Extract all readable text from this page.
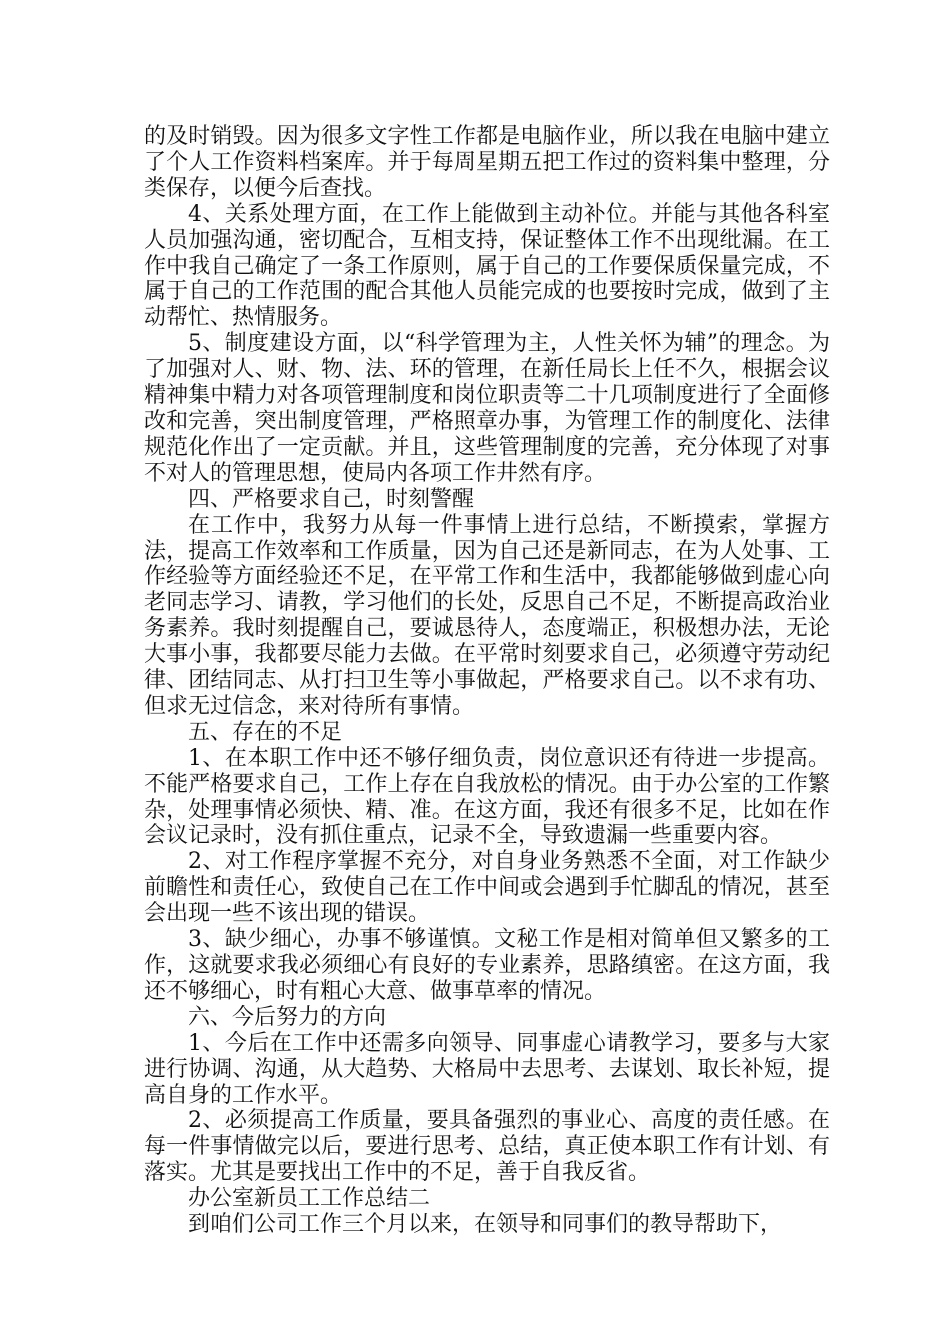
的及时销毁。因为很多文字性工作都是电脑作业，所以我在电脑中建立了个人工作资料档案库。并于每周星期五把工作过的资料集中整理，分类保存，以便今后查找。

4、关系处理方面，在工作上能做到主动补位。并能与其他各科室人员加强沟通，密切配合，互相支持，保证整体工作不出现纰漏。在工作中我自己确定了一条工作原则，属于自己的工作要保质保量完成，不属于自己的工作范围的配合其他人员能完成的也要按时完成，做到了主动帮忙、热情服务。

5、制度建设方面，以“科学管理为主，人性关怀为辅”的理念。为了加强对人、财、物、法、环的管理，在新任局长上任不久，根据会议精神集中精力对各项管理制度和岗位职责等二十几项制度进行了全面修改和完善，突出制度管理，严格照章办事，为管理工作的制度化、法律规范化作出了一定贡献。并且，这些管理制度的完善，充分体现了对事不对人的管理思想，使局内各项工作井然有序。

四、严格要求自己，时刻警醒

在工作中，我努力从每一件事情上进行总结，不断摸索，掌握方法，提高工作效率和工作质量，因为自己还是新同志，在为人处事、工作经验等方面经验还不足，在平常工作和生活中，我都能够做到虚心向老同志学习、请教，学习他们的长处，反思自己不足，不断提高政治业务素养。我时刻提醒自己，要诚恳待人，态度端正，积极想办法，无论大事小事，我都要尽能力去做。在平常时刻要求自己，必须遵守劳动纪律、团结同志、从打扫卫生等小事做起，严格要求自己。以不求有功、但求无过信念，来对待所有事情。

五、存在的不足

1、在本职工作中还不够仔细负责，岗位意识还有待进一步提高。不能严格要求自己，工作上存在自我放松的情况。由于办公室的工作繁杂，处理事情必须快、精、准。在这方面，我还有很多不足，比如在作会议记录时，没有抓住重点，记录不全，导致遗漏一些重要内容。

2、对工作程序掌握不充分，对自身业务熟悉不全面，对工作缺少前瞻性和责任心，致使自己在工作中间或会遇到手忙脚乱的情况，甚至会出现一些不该出现的错误。

3、缺少细心，办事不够谨慎。文秘工作是相对简单但又繁多的工作，这就要求我必须细心有良好的专业素养，思路缜密。在这方面，我还不够细心，时有粗心大意、做事草率的情况。

六、今后努力的方向

1、今后在工作中还需多向领导、同事虚心请教学习，要多与大家进行协调、沟通，从大趋势、大格局中去思考、去谋划、取长补短，提高自身的工作水平。

2、必须提高工作质量，要具备强烈的事业心、高度的责任感。在每一件事情做完以后，要进行思考、总结，真正使本职工作有计划、有落实。尤其是要找出工作中的不足，善于自我反省。

办公室新员工工作总结二

到咱们公司工作三个月以来，在领导和同事们的教导帮助下，
